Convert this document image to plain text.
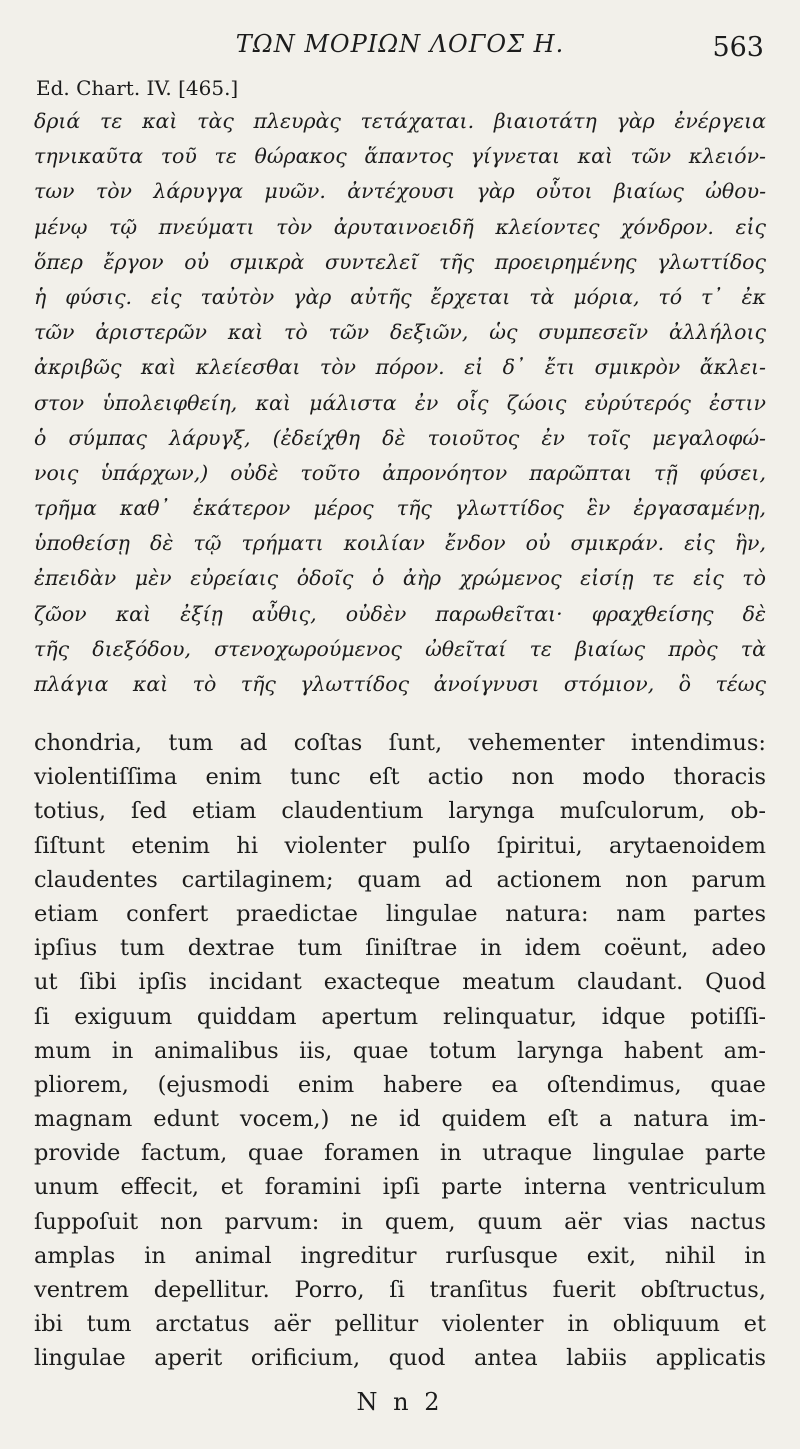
ΤΩΝ ΜΟΡΙΩΝ ΛΟΓΟΣ Η.	563
Ed. Chart. IV. [465.]
δριά τε καὶ τὰς πλευρὰς τετάχαται. βιαιοτάτη γὰρ ἐνέργεια
τηνικαῦτα τοῦ τε θώρακος ἅπαντος γίγνεται καὶ τῶν κλειόν-
των τὸν λάρυγγα μυῶν. ἀντέχουσι γὰρ οὗτοι βιαίως ὠθου-
μένῳ τῷ πνεύματι τὸν ἀρυταινοειδῆ κλείοντες χόνδρον. εἰς
ὅπερ ἔργον οὐ σμικρὰ συντελεῖ τῆς προειρημένης γλωττίδος
ἡ φύσις. εἰς ταὐτὸν γὰρ αὐτῆς ἔρχεται τὰ μόρια, τό τ᾽ ἐκ
τῶν ἀριστερῶν καὶ τὸ τῶν δεξιῶν, ὡς συμπεσεῖν ἀλλήλοις
ἀκριβῶς καὶ κλείεσθαι τὸν πόρον. εἰ δ᾽ ἔτι σμικρὸν ἄκλει-
στον ὑπολειφθείη, καὶ μάλιστα ἐν οἷς ζώοις εὐρύτερός ἐστιν
ὁ σύμπας λάρυγξ, (ἐδείχθη δὲ τοιοῦτος ἐν τοῖς μεγαλοφώ-
νοις ὑπάρχων,) οὐδὲ τοῦτο ἀπρονόητον παρῶπται τῇ φύσει,
τρῆμα καθ᾽ ἑκάτερον μέρος τῆς γλωττίδος ἓν ἐργασαμένῃ,
ὑποθείσῃ δὲ τῷ τρήματι κοιλίαν ἔνδον οὐ σμικράν. εἰς ἣν,
ἐπειδὰν μὲν εὐρείαις ὁδοῖς ὁ ἀὴρ χρώμενος εἰσίῃ τε εἰς τὸ
ζῶον καὶ ἐξίῃ αὖθις, οὐδὲν παρωθεῖται· φραχθείσης δὲ
τῆς διεξόδου, στενοχωρούμενος ὠθεῖταί τε βιαίως πρὸς τὰ
πλάγια καὶ τὸ τῆς γλωττίδος ἀνοίγνυσι στόμιον, ὃ τέως
chondria, tum ad coſtas ſunt, vehementer intendimus:
violentiſſima enim tunc eſt actio non modo thoracis
totius, ſed etiam claudentium larynga muſculorum, ob-
ſiſtunt etenim hi violenter pulſo ſpiritui, arytaenoidem
claudentes cartilaginem; quam ad actionem non parum
etiam confert praedictae lingulae natura: nam partes
ipſius tum dextrae tum ſiniſtrae in idem coëunt, adeo
ut ſibi ipſis incidant exacteque meatum claudant. Quod
ſi exiguum quiddam apertum relinquatur, idque potiſſi-
mum in animalibus iis, quae totum larynga habent am-
pliorem, (ejusmodi enim habere ea oſtendimus, quae
magnam edunt vocem,) ne id quidem eſt a natura im-
provide factum, quae foramen in utraque lingulae parte
unum effecit, et foramini ipſi parte interna ventriculum
ſuppoſuit non parvum: in quem, quum aër vias nactus
amplas in animal ingreditur rurſusque exit, nihil in
ventrem depellitur. Porro, ſi tranſitus fuerit obſtructus,
ibi tum arctatus aër pellitur violenter in obliquum et
lingulae aperit orificium, quod antea labiis applicatis
N n 2
